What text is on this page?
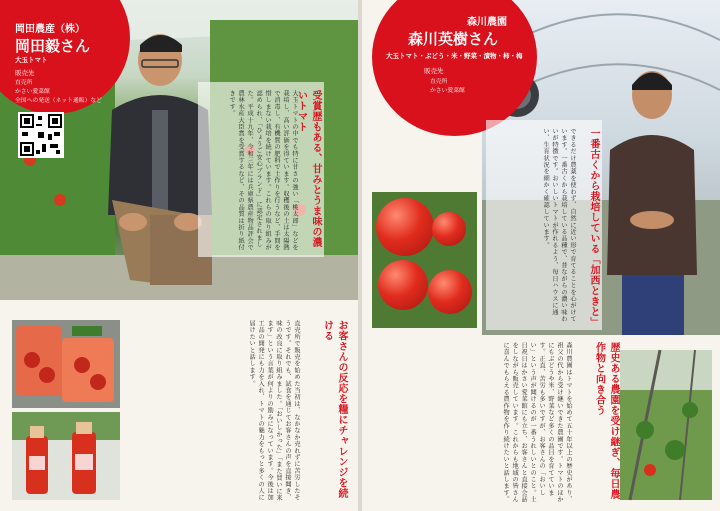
岡田農産（株）
岡田毅さん
大玉トマト
販売先
直売所
かさい愛菜館
全国への発送（ネット通販）など	受賞歴もある、甘みとうま味の濃いトマト
大玉トマトの中でも特に甘さの強い「桃太郎」などを栽培し、高い評価を得ています。収穫後の土は太陽熱で消毒し、有機質の肥料で土作りを行うなど、手間を惜しまない栽培を続けています。これらの取り組みが認められ、「ひょうご安心ブランド」に認定されました。平成十九年、令和三年には兵庫県農産物品評会で農林水産大臣賞を受賞するなど、その品質は折り紙付きです。
お客さんの反応を糧にチャレンジを続ける
直売所で販売を始めた当初は、なかなか売れずに苦労したそうです。それでも、試食を通じてお客さんの声を直接聞き、味の改良に取り組みました。「おいしかった」「また買いに来ます」という言葉が何よりの励みになっています。今後は加工品の開発にも力を入れ、トマトの魅力をもっと多くの人に届けたいと話します。
森川農園
森川英樹さん
大玉トマト・ぶどう・米・野菜・漬物・柿・梅
販売先
直売所
かさい愛菜館
一番古くから栽培している「加西ときと」
できるだけ農薬を使わず、自然に近い形で育てることを心がけています。一番古くから栽培している品種で、昔ながらの濃い味わいが特徴です。おいしいトマトが作れるよう、毎日ハウスに通い、生育状況を細かく確認しています。
歴史ある農園を受け継ぎ、毎日農作物と向き合う
森川農園はトマトを始めて五十年以上の歴史があり、祖父の代から受け継いできた農園です。トマトのほかにもぶどうや米、野菜など多くの品目を育てています。正直、苦労も多いですが、お客さんの「おいしい」という声が聞けるのが一番うれしいとのこと。土日祝日はかさい愛菜館にも立ち、お客さんと直接会話をしながら販売しています。これからも地域の皆さんに喜んでもらえる農作物を作り続けたいと話します。
